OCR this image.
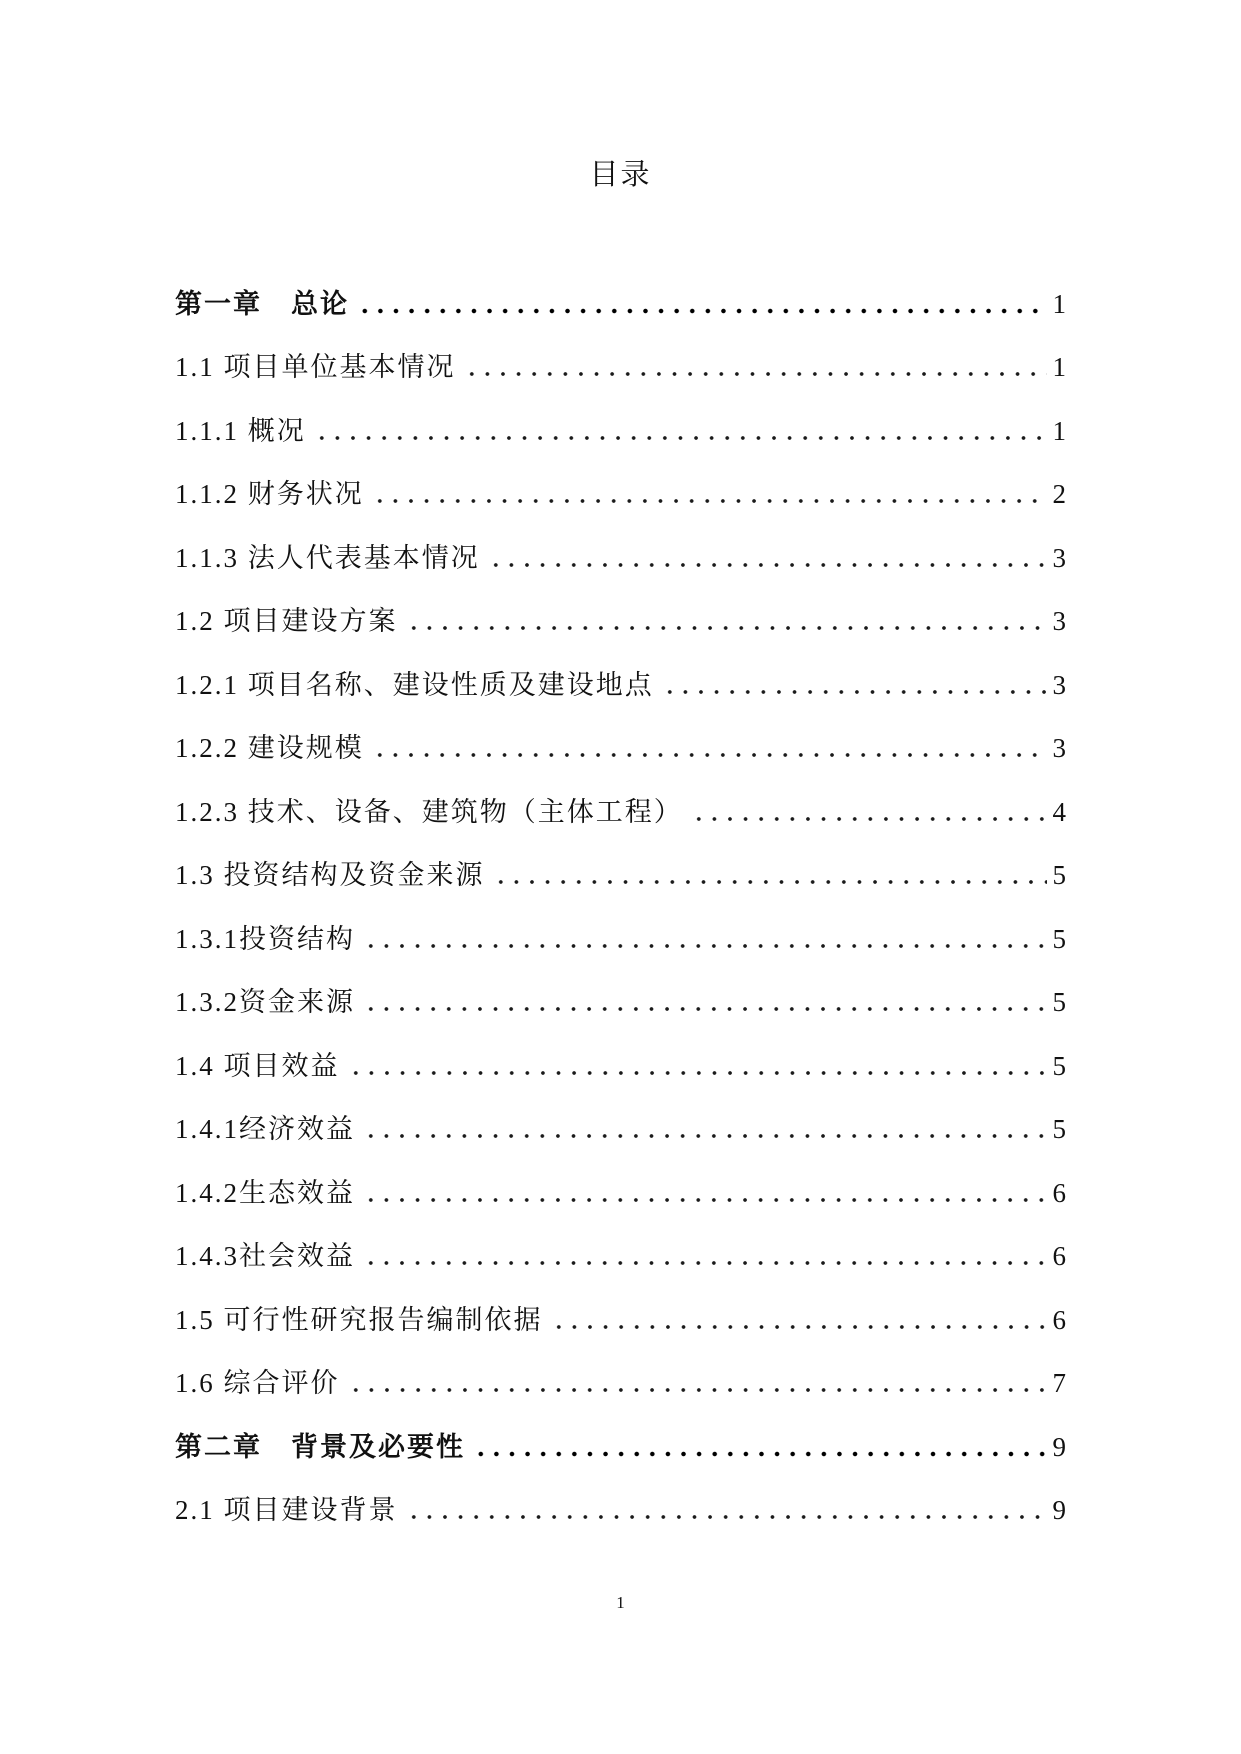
目录
第一章　总论	1
1.1 项目单位基本情况	1
1.1.1 概况	1
1.1.2 财务状况	2
1.1.3 法人代表基本情况	3
1.2 项目建设方案	3
1.2.1 项目名称、建设性质及建设地点	3
1.2.2 建设规模	3
1.2.3 技术、设备、建筑物（主体工程）	4
1.3 投资结构及资金来源	5
1.3.1投资结构	5
1.3.2资金来源	5
1.4 项目效益	5
1.4.1经济效益	5
1.4.2生态效益	6
1.4.3社会效益	6
1.5 可行性研究报告编制依据	6
1.6 综合评价	7
第二章　背景及必要性	9
2.1 项目建设背景	9
1
